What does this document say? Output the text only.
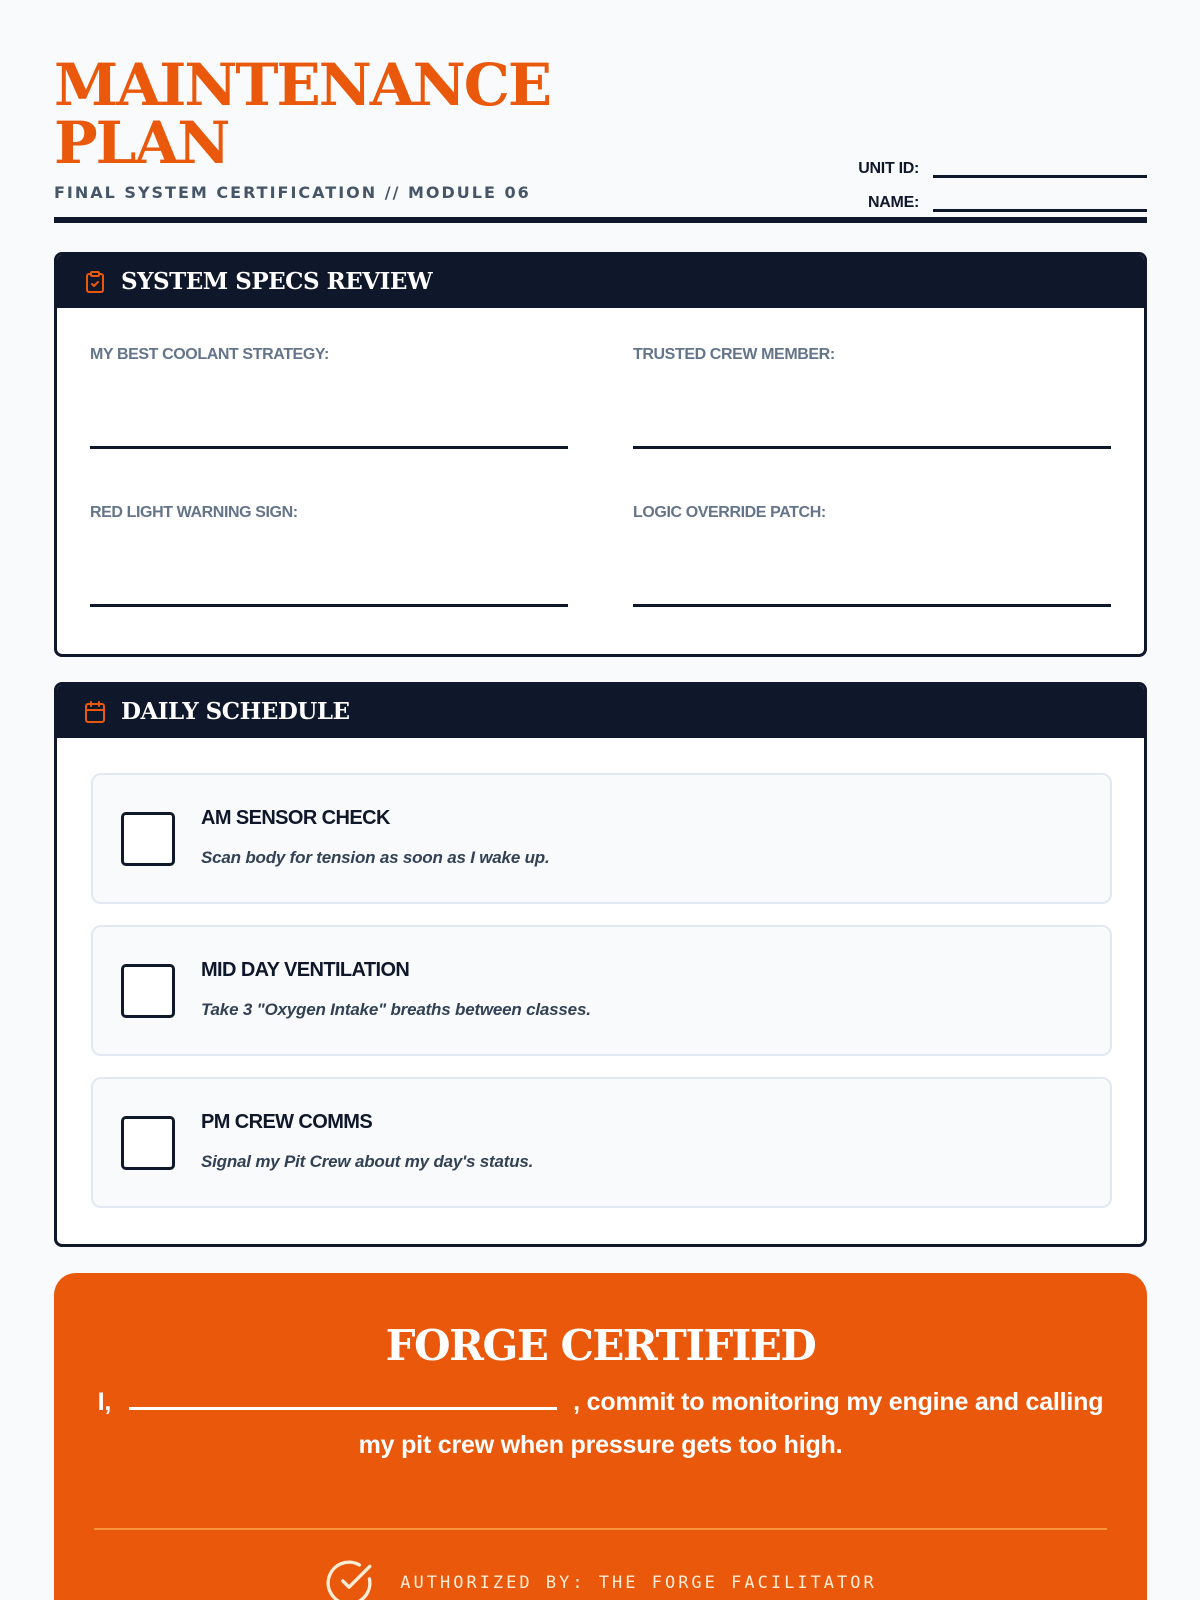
MAINTENANCE
PLAN
FINAL SYSTEM CERTIFICATION // MODULE 06
UNIT ID:
NAME:
SYSTEM SPECS REVIEW
MY BEST COOLANT STRATEGY:	TRUSTED CREW MEMBER:
RED LIGHT WARNING SIGN:	LOGIC OVERRIDE PATCH:
DAILY SCHEDULE
AM SENSOR CHECK
Scan body for tension as soon as I wake up.
MID DAY VENTILATION
Take 3 "Oxygen Intake" breaths between classes.
PM CREW COMMS
Signal my Pit Crew about my day's status.
FORGE CERTIFIED

I,	, commit to monitoring my engine and calling my pit crew when pressure gets too high.

AUTHORIZED BY: THE FORGE FACILITATOR
